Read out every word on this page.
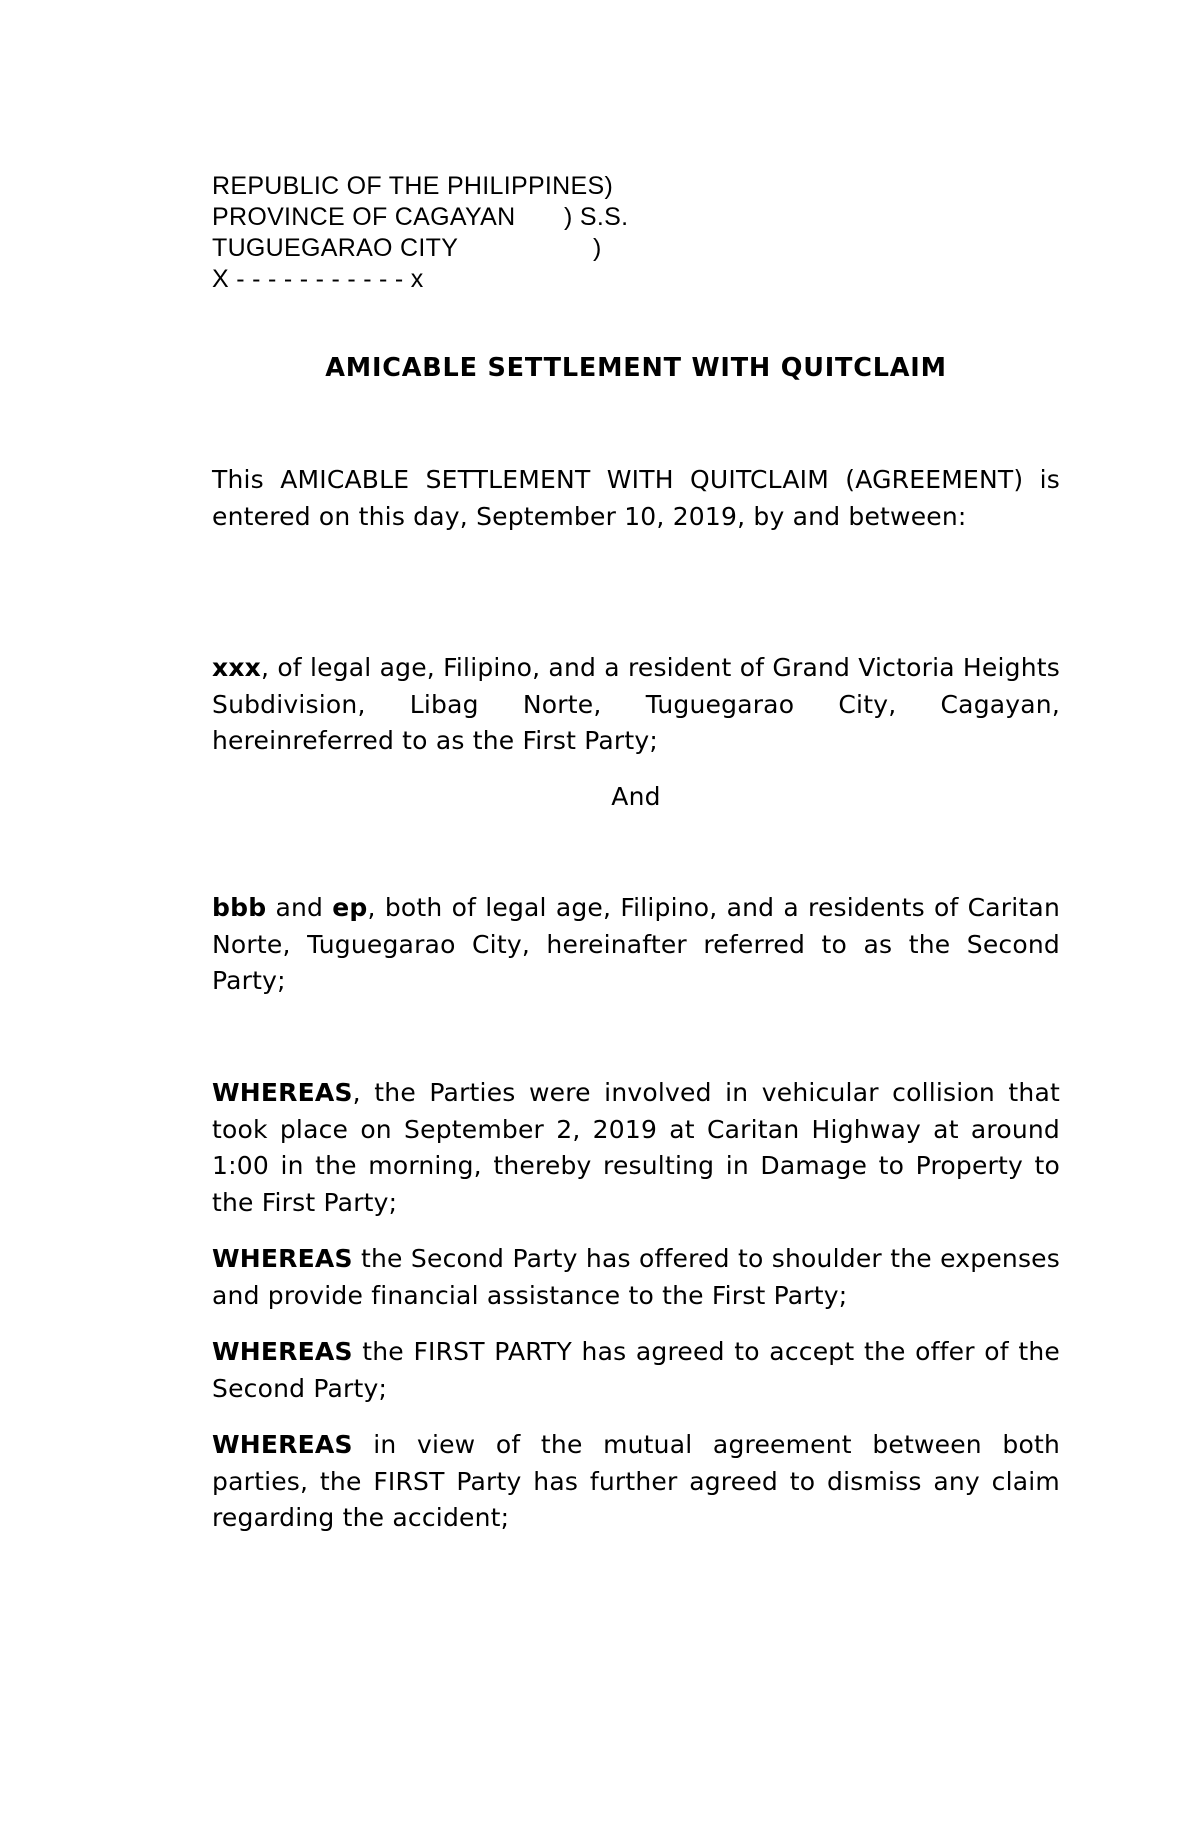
REPUBLIC OF THE PHILIPPINES)
PROVINCE OF CAGAYAN ) S.S.
TUGUEGARAO CITY	)
X - - - - - - - - - - - x
AMICABLE SETTLEMENT WITH QUITCLAIM
This AMICABLE SETTLEMENT WITH QUITCLAIM (AGREEMENT) is entered on this day, September 10, 2019, by and between:
xxx, of legal age, Filipino, and a resident of Grand Victoria Heights Subdivision, Libag Norte, Tuguegarao City, Cagayan, hereinreferred to as the First Party;
And
bbb and ep, both of legal age, Filipino, and a residents of Caritan Norte, Tuguegarao City, hereinafter referred to as the Second Party;
WHEREAS, the Parties were involved in vehicular collision that took place on September 2, 2019 at Caritan Highway at around 1:00 in the morning, thereby resulting in Damage to Property to the First Party;
WHEREAS the Second Party has offered to shoulder the expenses and provide financial assistance to the First Party;
WHEREAS the FIRST PARTY has agreed to accept the offer of the Second Party;
WHEREAS in view of the mutual agreement between both parties, the FIRST Party has further agreed to dismiss any claim regarding the accident;
